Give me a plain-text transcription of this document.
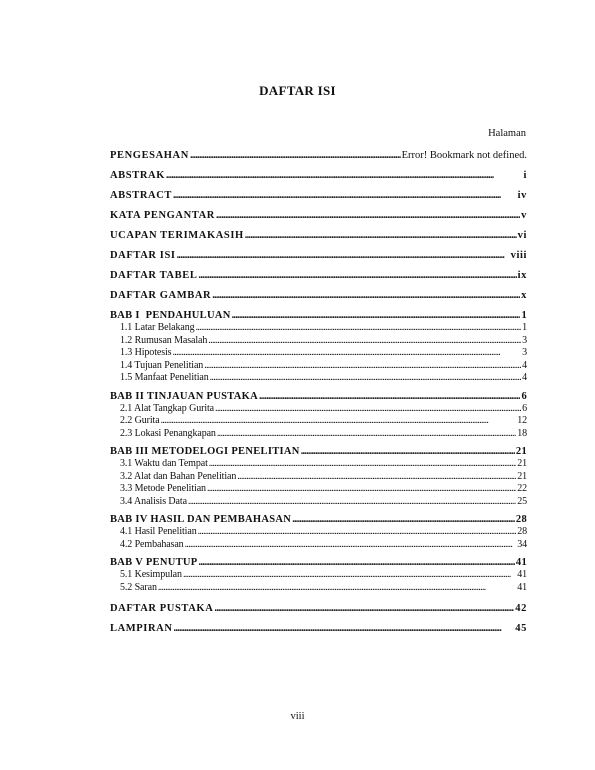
DAFTAR ISI
Halaman
PENGESAHAN . . .	Error! Bookmark not defined.
ABSTRAK . . .	i
ABSTRACT . . .	iv
KATA PENGANTAR . . .	v
UCAPAN TERIMAKASIH . . .	vi
DAFTAR ISI . . .	viii
DAFTAR TABEL . . .	ix
DAFTAR GAMBAR . . .	x
BAB I  PENDAHULUAN . . .	1
1.1 Latar Belakang . . .	1
1.2 Rumusan Masalah . . .	3
1.3 Hipotesis . . .	3
1.4 Tujuan Penelitian . . .	4
1.5 Manfaat Penelitian . . .	4
BAB II TINJAUAN PUSTAKA . . .	6
2.1 Alat Tangkap Gurita . . .	6
2.2 Gurita . . .	12
2.3 Lokasi Penangkapan . . .	18
BAB III METODELOGI PENELITIAN . . .	21
3.1 Waktu dan Tempat . . .	21
3.2 Alat dan Bahan Penelitian . . .	21
3.3 Metode Penelitian . . .	22
3.4 Analisis Data . . .	25
BAB IV HASIL DAN PEMBAHASAN . . .	28
4.1 Hasil Penelitian . . .	28
4.2 Pembahasan . . .	34
BAB V PENUTUP . . .	41
5.1 Kesimpulan . . .	41
5.2 Saran . . .	41
DAFTAR PUSTAKA . . .	42
LAMPIRAN . . .	45
viii
